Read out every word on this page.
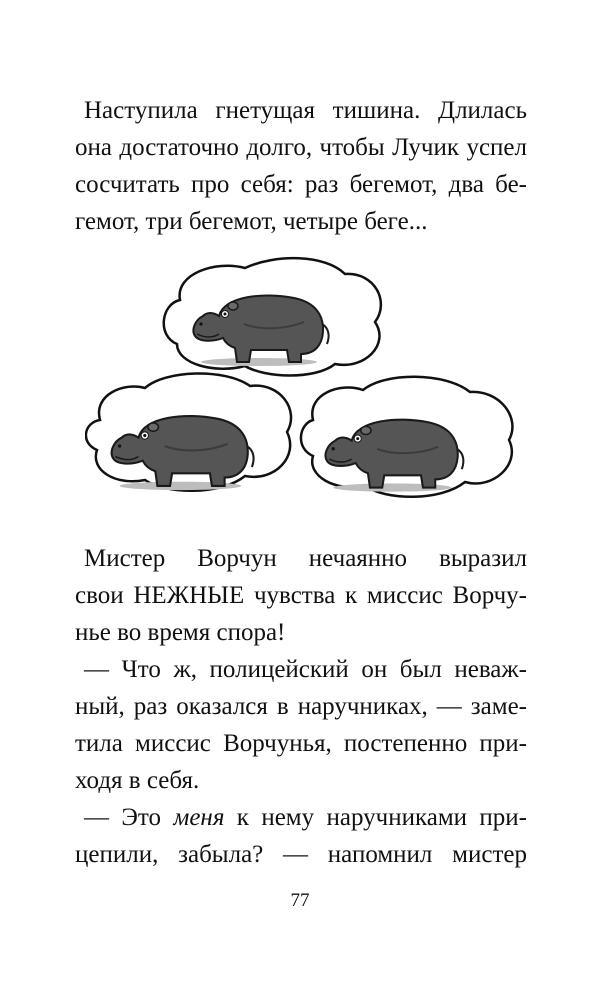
Наступила гнетущая тишина. Длилась
она достаточно долго, чтобы Лучик успел
сосчитать про себя: раз бегемот, два бе-
гемот, три бегемот, четыре беге...
Мистер Ворчун нечаянно выразил
свои НЕЖНЫЕ чувства к миссис Ворчу-
нье во время спора!
— Что ж, полицейский он был неваж-
ный, раз оказался в наручниках, — заме-
тила миссис Ворчунья, постепенно при-
ходя в себя.
— Это меня к нему наручниками при-
цепили, забыла? — напомнил мистер
77
